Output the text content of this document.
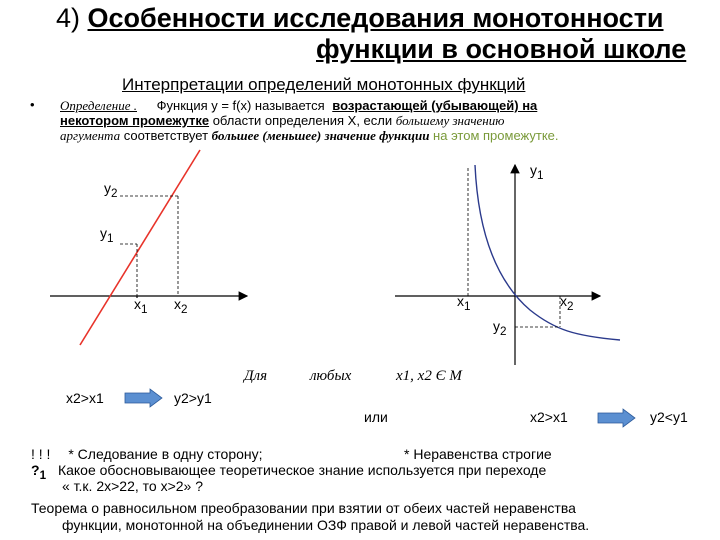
4) Особенности исследования монотонности
функции в основной школе
Интерпретации определений монотонных функций
• Определение . Функция y = f(x) называется возрастающей (убывающей) на
некотором промежутке области определения X, если большему значению
аргумента соответствует большее (меньшее) значение функции на этом промежутке.
$y_2$
$y_1$
$x_1$ $x_2$
$y_1$
$x_1$	$x_2$
$y_2$
Для	любых	x1, x2 Є M
x2>x1	y2>y1
или	x2>x1	y2<y1
! ! ! * Следование в одну сторону;	* Неравенства строгие
$?_1$ Какое обосновывающее теоретическое знание используется при переходе
« т.к. 2x>22, то x>2» ?
Теорема о равносильном преобразовании при взятии от обеих частей неравенства
функции, монотонной на объединении ОЗФ правой и левой частей неравенства.
